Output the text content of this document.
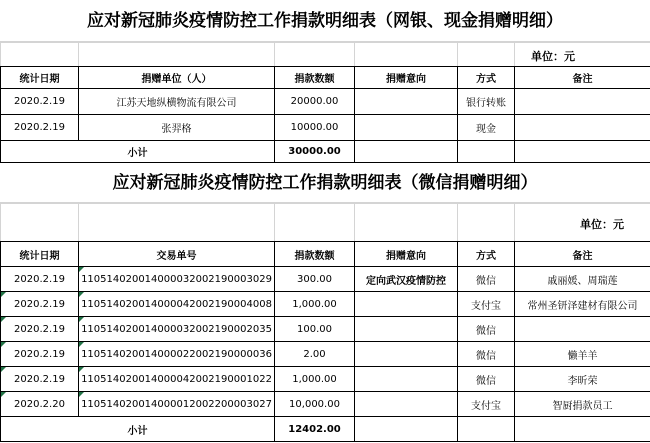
应对新冠肺炎疫情防控工作捐款明细表（网银、现金捐赠明细）

单位：元
统计日期	捐赠单位（人）	捐款数额	捐赠意向	方式	备注
2020.2.19	江苏天地纵横物流有限公司	20000.00		银行转账	
2020.2.19	张羿格	10000.00		现金	
小计		30000.00			
应对新冠肺炎疫情防控工作捐款明细表（微信捐赠明细）

单位：元
统计日期	交易单号	捐款数额	捐赠意向	方式	备注
2020.2.19	110514020014000032002190003029	300.00	定向武汉疫情防控	微信	戚丽媛、周瑞莲
2020.2.19	110514020014000042002190004008	1,000.00		支付宝	常州圣钘泽建材有限公司
2020.2.19	110514020014000032002190002035	100.00		微信	
2020.2.19	110514020014000022002190000036	2.00		微信	懒羊羊
2020.2.19	110514020014000042002190001022	1,000.00		微信	李昕荣
2020.2.20	110514020014000012002200003027	10,000.00		支付宝	智厨捐款员工
小计		12402.00			
